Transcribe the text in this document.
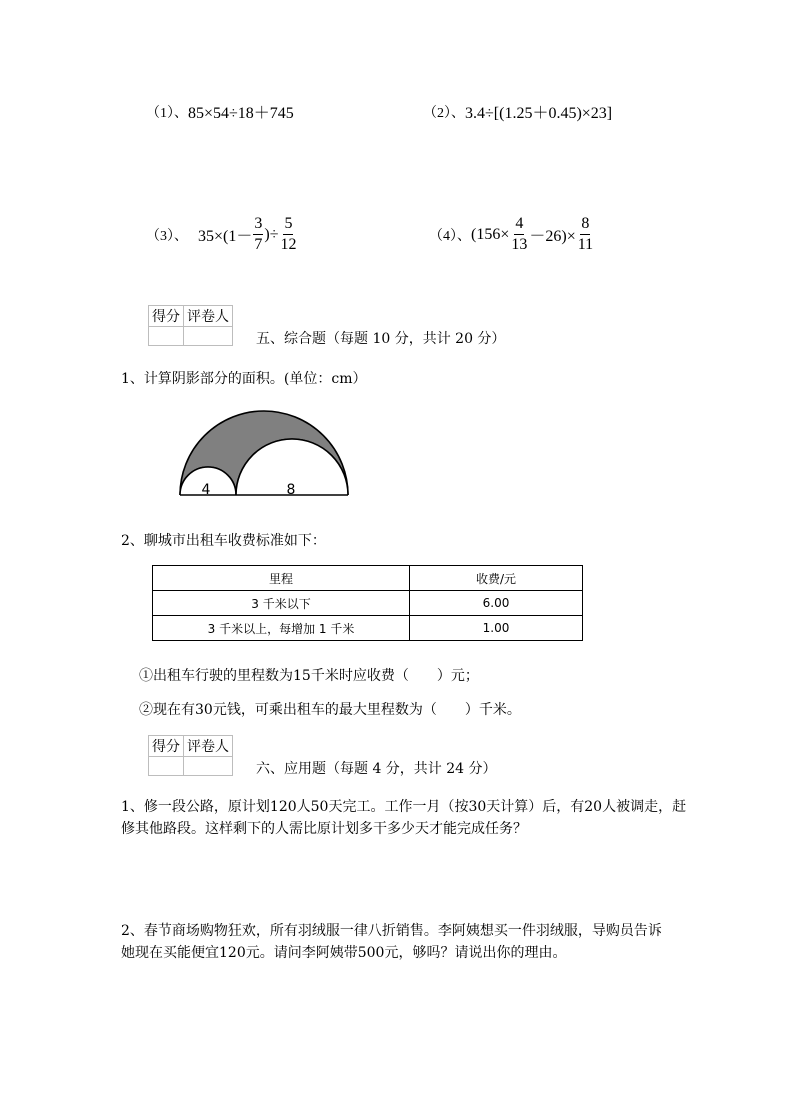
（1）、 85×54÷18＋745	（2）、 3.4÷[(1.25＋0.45)×23]
（3）、 $35\times(1- \frac{3}{7}$ )÷ $\frac{5}{12}$	（4）、 $(156\times \frac{4}{13} -26)\times \frac{8}{11}$
得分	评卷人

五、综合题（每题 10 分，共计 20 分）
1、计算阴影部分的面积。(单位：cm）
4	8
2、聊城市出租车收费标准如下：
里程	收费/元
3 千米以下	6.00
3 千米以上，每增加 1 千米	1.00
①出租车行驶的里程数为15千米时应收费（　　）元；
②现在有30元钱，可乘出租车的最大里程数为（　　）千米。
得分	评卷人

六、应用题（每题 4 分，共计 24 分）
1、修一段公路，原计划120人50天完工。工作一月（按30天计算）后，有20人被调走，赶
修其他路段。这样剩下的人需比原计划多干多少天才能完成任务？
2、春节商场购物狂欢，所有羽绒服一律八折销售。李阿姨想买一件羽绒服，导购员告诉
她现在买能便宜120元。请问李阿姨带500元，够吗？请说出你的理由。
